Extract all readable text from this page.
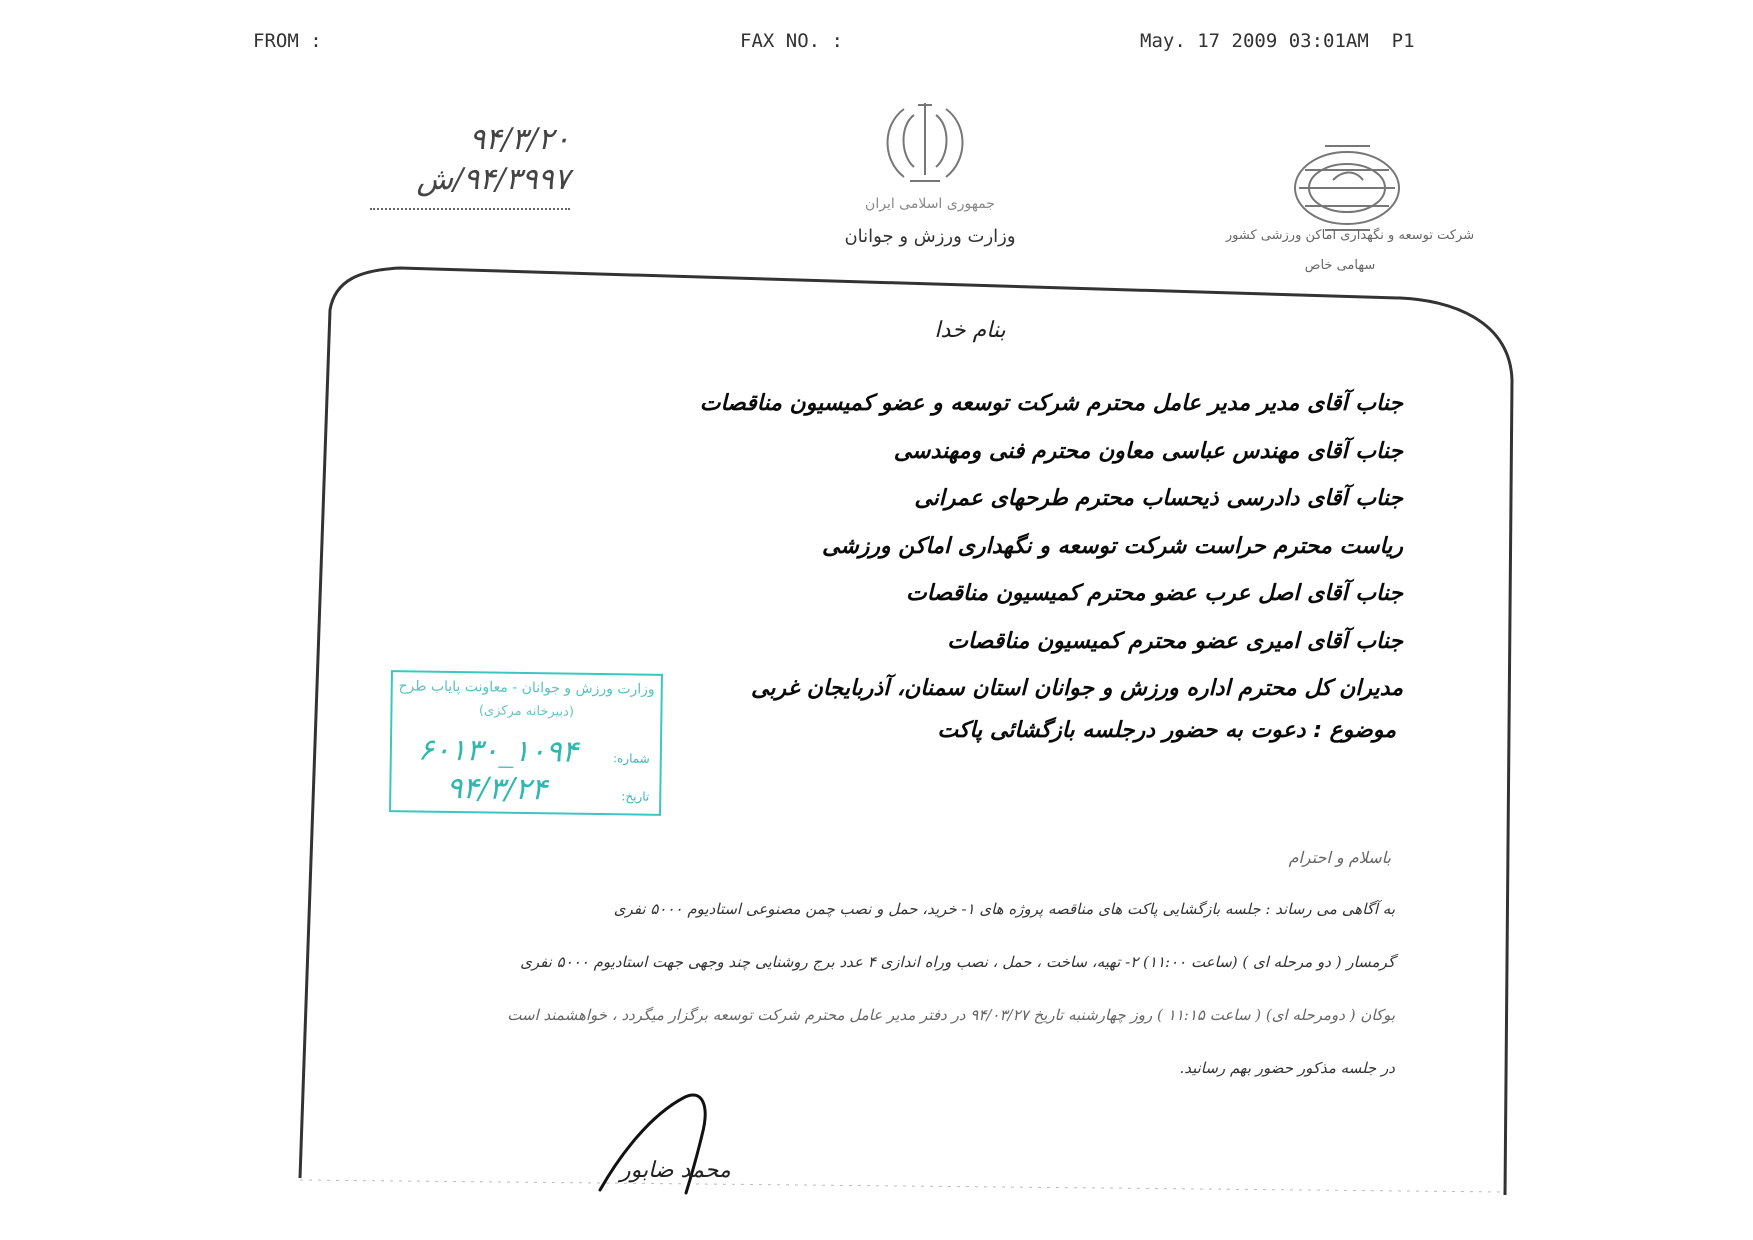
FROM :	FAX NO. :	May. 17 2009 03:01AM P1
۹۴/۳/۲۰
۹۴/۳۹۹۷/ش
جمهوری اسلامی ایران
وزارت ورزش و جوانان	شرکت توسعه و نگهداری اماکن ورزشی کشور
سهامی خاص
بنام خدا
جناب آقای مدیر مدیر عامل محترم شرکت توسعه و عضو کمیسیون مناقصات
جناب آقای مهندس عباسی معاون محترم فنی ومهندسی
جناب آقای دادرسی ذیحساب محترم طرحهای عمرانی
ریاست محترم حراست شرکت توسعه و نگهداری اماکن ورزشی
جناب آقای اصل عرب عضو محترم کمیسیون مناقصات
جناب آقای امیری عضو محترم کمیسیون مناقصات
مدیران کل محترم اداره ورزش و جوانان استان سمنان، آذربایجان غربی
موضوع : دعوت به حضور درجلسه بازگشائی پاکت
وزارت ورزش و جوانان - معاونت پایاب طرح
(دبیرخانه مرکزی)
شماره:
۱۰۹۴_۶۰۱۳۰
تاریخ:
۹۴/۳/۲۴
باسلام و احترام
به آگاهی می رساند : جلسه بازگشایی پاکت های مناقصه پروژه های ۱- خرید، حمل و نصب چمن مصنوعی استادیوم ۵۰۰۰ نفری
گرمسار ( دو مرحله ای ) (ساعت ۱۱:۰۰) ۲- تهیه، ساخت ، حمل ، نصب وراه اندازی ۴ عدد برج روشنایی چند وجهی جهت استادیوم ۵۰۰۰ نفری
بوکان ( دومرحله ای) ( ساعت ۱۱:۱۵ ) روز چهارشنبه تاریخ ۹۴/۰۳/۲۷ در دفتر مدیر عامل محترم شرکت توسعه برگزار میگردد ، خواهشمند است
در جلسه مذکور حضور بهم رسانید.
محمد ضابور
